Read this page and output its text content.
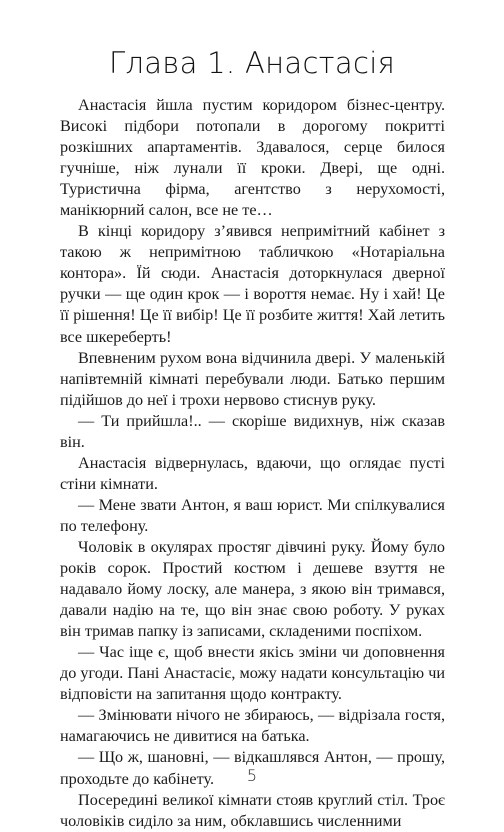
Глава 1. Анастасія

Анастасія йшла пустим коридором бізнес-центру. Високі підбори потопали в дорогому покритті розкішних апартаментів. Здавалося, серце билося гучніше, ніж лунали її кроки. Двері, ще одні. Туристична фірма, агентство з нерухомості, манікюрний салон, все не те…

В кінці коридору з’явився непримітний кабінет з такою ж непримітною табличкою «Нотаріальна контора». Їй сюди. Анастасія доторкнулася дверної ручки — ще один крок — і вороття немає. Ну і хай! Це її рішення! Це її вибір! Це її розбите життя! Хай летить все шкереберть!

Впевненим рухом вона відчинила двері. У маленькій напівтемній кімнаті перебували люди. Батько першим підійшов до неї і трохи нервово стиснув руку.

— Ти прийшла!.. — скоріше видихнув, ніж сказав він.

Анастасія відвернулась, вдаючи, що оглядає пусті стіни кімнати.

— Мене звати Антон, я ваш юрист. Ми спілкувалися по телефону.

Чоловік в окулярах простяг дівчині руку. Йому було років сорок. Простий костюм і дешеве взуття не надавало йому лоску, але манера, з якою він тримався, давали надію на те, що він знає свою роботу. У руках він тримав папку із записами, складеними поспіхом.

— Час іще є, щоб внести якісь зміни чи доповнення до угоди. Пані Анастасіє, можу надати консультацію чи відповісти на запитання щодо контракту.

— Змінювати нічого не збираюсь, — відрізала гостя, намагаючись не дивитися на батька.

— Що ж, шановні, — відкашлявся Антон, — прошу, проходьте до кабінету.

Посередині великої кімнати стояв круглий стіл. Троє чоловіків сиділо за ним, обклавшись численними

5
